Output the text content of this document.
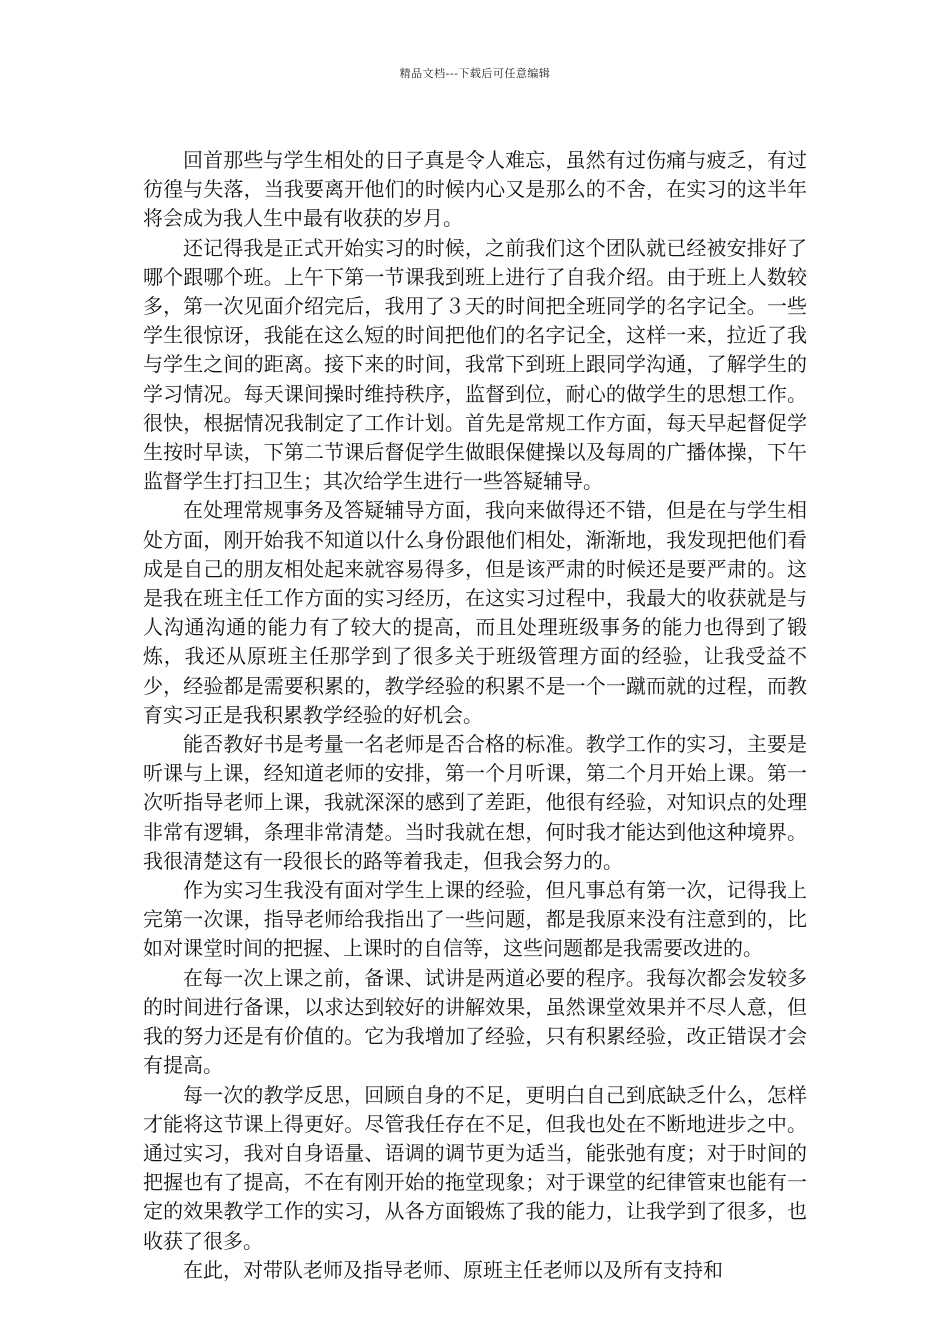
精品文档---下载后可任意编辑

回首那些与学生相处的日子真是令人难忘，虽然有过伤痛与疲乏，有过彷徨与失落，当我要离开他们的时候内心又是那么的不舍，在实习的这半年将会成为我人生中最有收获的岁月。

还记得我是正式开始实习的时候，之前我们这个团队就已经被安排好了哪个跟哪个班。上午下第一节课我到班上进行了自我介绍。由于班上人数较多，第一次见面介绍完后，我用了３天的时间把全班同学的名字记全。一些学生很惊讶，我能在这么短的时间把他们的名字记全，这样一来，拉近了我与学生之间的距离。接下来的时间，我常下到班上跟同学沟通，了解学生的学习情况。每天课间操时维持秩序，监督到位，耐心的做学生的思想工作。很快，根据情况我制定了工作计划。首先是常规工作方面，每天早起督促学生按时早读，下第二节课后督促学生做眼保健操以及每周的广播体操，下午监督学生打扫卫生；其次给学生进行一些答疑辅导。

在处理常规事务及答疑辅导方面，我向来做得还不错，但是在与学生相处方面，刚开始我不知道以什么身份跟他们相处，渐渐地，我发现把他们看成是自己的朋友相处起来就容易得多，但是该严肃的时候还是要严肃的。这是我在班主任工作方面的实习经历，在这实习过程中，我最大的收获就是与人沟通沟通的能力有了较大的提高，而且处理班级事务的能力也得到了锻炼，我还从原班主任那学到了很多关于班级管理方面的经验，让我受益不少，经验都是需要积累的，教学经验的积累不是一个一蹴而就的过程，而教育实习正是我积累教学经验的好机会。

能否教好书是考量一名老师是否合格的标准。教学工作的实习，主要是听课与上课，经知道老师的安排，第一个月听课，第二个月开始上课。第一次听指导老师上课，我就深深的感到了差距，他很有经验，对知识点的处理非常有逻辑，条理非常清楚。当时我就在想，何时我才能达到他这种境界。我很清楚这有一段很长的路等着我走，但我会努力的。

作为实习生我没有面对学生上课的经验，但凡事总有第一次，记得我上完第一次课，指导老师给我指出了一些问题，都是我原来没有注意到的，比如对课堂时间的把握、上课时的自信等，这些问题都是我需要改进的。

在每一次上课之前，备课、试讲是两道必要的程序。我每次都会发较多的时间进行备课，以求达到较好的讲解效果，虽然课堂效果并不尽人意，但我的努力还是有价值的。它为我增加了经验，只有积累经验，改正错误才会有提高。

每一次的教学反思，回顾自身的不足，更明白自己到底缺乏什么，怎样才能将这节课上得更好。尽管我任存在不足，但我也处在不断地进步之中。通过实习，我对自身语量、语调的调节更为适当，能张弛有度；对于时间的把握也有了提高，不在有刚开始的拖堂现象；对于课堂的纪律管束也能有一定的效果教学工作的实习，从各方面锻炼了我的能力，让我学到了很多，也收获了很多。

在此，对带队老师及指导老师、原班主任老师以及所有支持和
